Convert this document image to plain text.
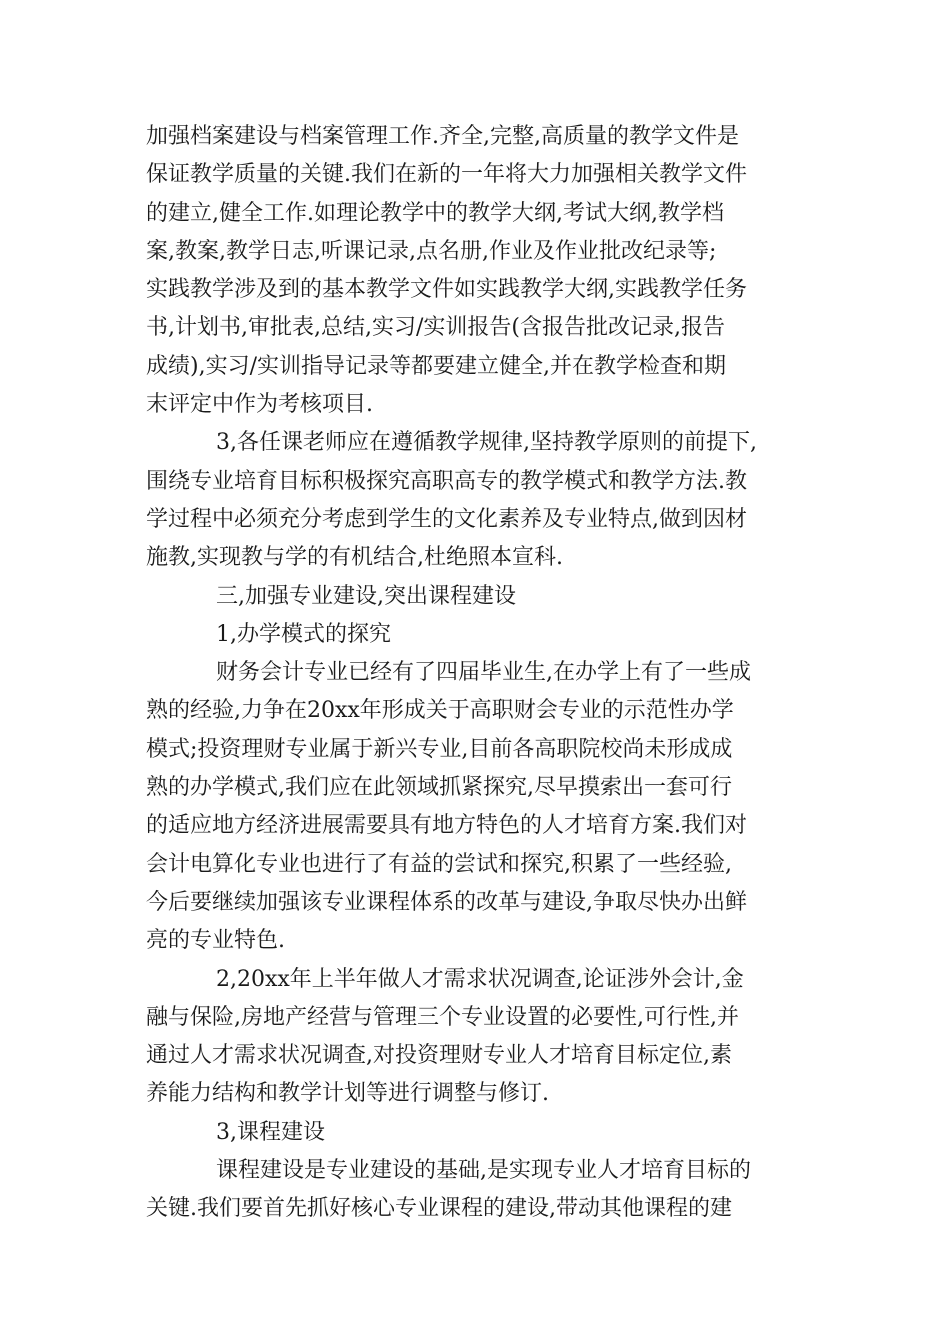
加强档案建设与档案管理工作.齐全,完整,高质量的教学文件是
保证教学质量的关键.我们在新的一年将大力加强相关教学文件
的建立,健全工作.如理论教学中的教学大纲,考试大纲,教学档
案,教案,教学日志,听课记录,点名册,作业及作业批改纪录等;
实践教学涉及到的基本教学文件如实践教学大纲,实践教学任务
书,计划书,审批表,总结,实习/实训报告(含报告批改记录,报告
成绩),实习/实训指导记录等都要建立健全,并在教学检查和期
末评定中作为考核项目.
3,各任课老师应在遵循教学规律,坚持教学原则的前提下,
围绕专业培育目标积极探究高职高专的教学模式和教学方法.教
学过程中必须充分考虑到学生的文化素养及专业特点,做到因材
施教,实现教与学的有机结合,杜绝照本宣科.
三,加强专业建设,突出课程建设
1,办学模式的探究
财务会计专业已经有了四届毕业生,在办学上有了一些成
熟的经验,力争在20xx年形成关于高职财会专业的示范性办学
模式;投资理财专业属于新兴专业,目前各高职院校尚未形成成
熟的办学模式,我们应在此领域抓紧探究,尽早摸索出一套可行
的适应地方经济进展需要具有地方特色的人才培育方案.我们对
会计电算化专业也进行了有益的尝试和探究,积累了一些经验,
今后要继续加强该专业课程体系的改革与建设,争取尽快办出鲜
亮的专业特色.
2,20xx年上半年做人才需求状况调查,论证涉外会计,金
融与保险,房地产经营与管理三个专业设置的必要性,可行性,并
通过人才需求状况调查,对投资理财专业人才培育目标定位,素
养能力结构和教学计划等进行调整与修订.
3,课程建设
课程建设是专业建设的基础,是实现专业人才培育目标的
关键.我们要首先抓好核心专业课程的建设,带动其他课程的建
